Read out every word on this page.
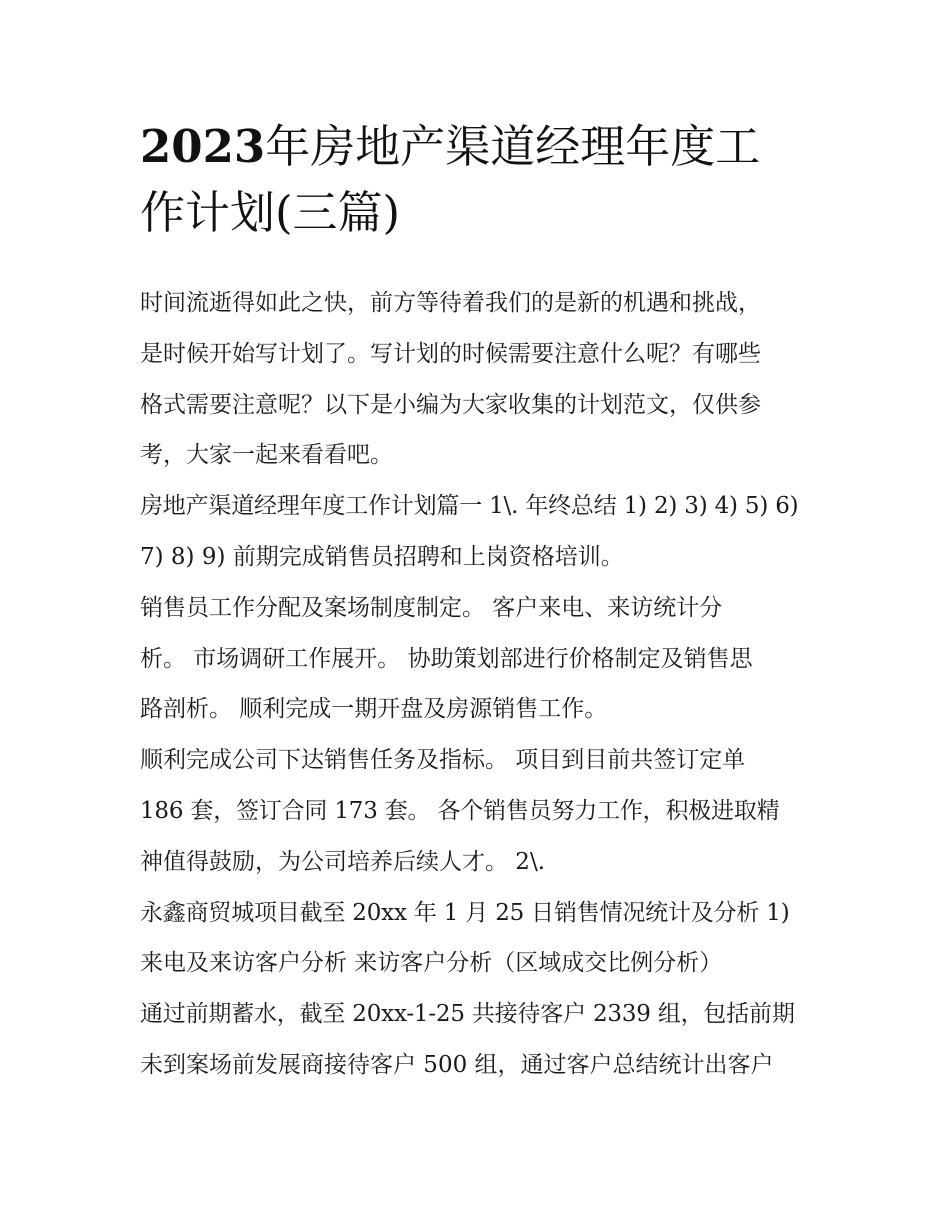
2023年房地产渠道经理年度工
作计划(三篇)
时间流逝得如此之快，前方等待着我们的是新的机遇和挑战，
是时候开始写计划了。写计划的时候需要注意什么呢？有哪些
格式需要注意呢？以下是小编为大家收集的计划范文，仅供参
考，大家一起来看看吧。
房地产渠道经理年度工作计划篇一 1\. 年终总结 1) 2) 3) 4) 5) 6)
7) 8) 9) 前期完成销售员招聘和上岗资格培训。
销售员工作分配及案场制度制定。 客户来电、来访统计分
析。 市场调研工作展开。 协助策划部进行价格制定及销售思
路剖析。 顺利完成一期开盘及房源销售工作。
顺利完成公司下达销售任务及指标。 项目到目前共签订定单
186 套，签订合同 173 套。 各个销售员努力工作，积极进取精
神值得鼓励，为公司培养后续人才。 2\.
永鑫商贸城项目截至 20xx 年 1 月 25 日销售情况统计及分析 1)
来电及来访客户分析 来访客户分析（区域成交比例分析）
通过前期蓄水，截至 20xx-1-25 共接待客户 2339 组，包括前期
未到案场前发展商接待客户 500 组，通过客户总结统计出客户
